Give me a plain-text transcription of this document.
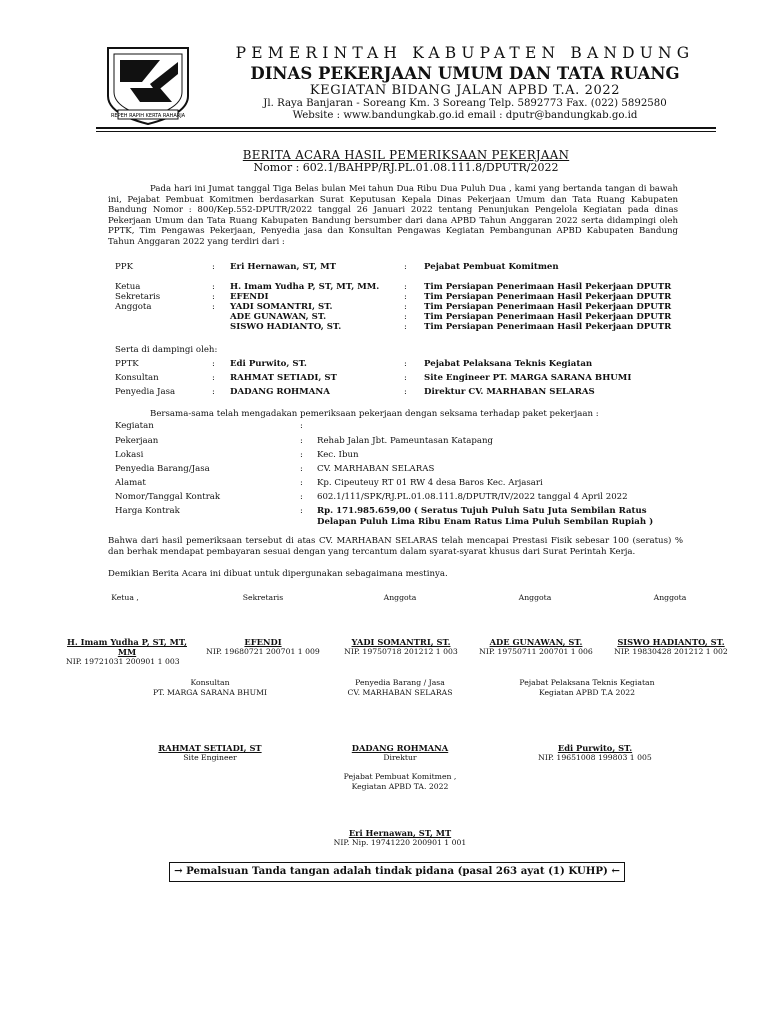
REPEH RAPIH KERTA RAHARJA
PEMERINTAH KABUPATEN BANDUNG
DINAS PEKERJAAN UMUM DAN TATA RUANG
KEGIATAN BIDANG JALAN APBD T.A. 2022
Jl. Raya Banjaran - Soreang Km. 3 Soreang Telp. 5892773 Fax. (022) 5892580
Website : www.bandungkab.go.id email : dputr@bandungkab.go.id
BERITA ACARA HASIL PEMERIKSAAN PEKERJAAN
Nomor : 602.1/BAHPP/RJ.PL.01.08.111.8/DPUTR/2022
Pada hari ini Jumat tanggal Tiga Belas bulan Mei tahun Dua Ribu Dua Puluh Dua , kami yang bertanda tangan di bawah ini, Pejabat Pembuat Komitmen berdasarkan Surat Keputusan Kepala Dinas Pekerjaan Umum dan Tata Ruang Kabupaten Bandung Nomor : 800/Kep.552-DPUTR/2022 tanggal 26 Januari 2022 tentang Penunjukan Pengelola Kegiatan pada dinas Pekerjaan Umum dan Tata Ruang Kabupaten Bandung bersumber dari dana APBD Tahun Anggaran 2022 serta didampingi oleh PPTK, Tim Pengawas Pekerjaan, Penyedia jasa dan Konsultan Pengawas Kegiatan Pembangunan APBD Kabupaten Bandung Tahun Anggaran 2022 yang terdiri dari :
PPK	: Eri Hernawan, ST, MT	: Pejabat Pembuat Komitmen
Ketua	: H. Imam Yudha P, ST, MT, MM.	: Tim Persiapan Penerimaan Hasil Pekerjaan DPUTR
Sekretaris	: EFENDI	: Tim Persiapan Penerimaan Hasil Pekerjaan DPUTR
Anggota	: YADI SOMANTRI, ST.	: Tim Persiapan Penerimaan Hasil Pekerjaan DPUTR
ADE GUNAWAN, ST.	: Tim Persiapan Penerimaan Hasil Pekerjaan DPUTR
SISWO HADIANTO, ST.	: Tim Persiapan Penerimaan Hasil Pekerjaan DPUTR
Serta di dampingi oleh:
PPTK	: Edi Purwito, ST.	: Pejabat Pelaksana Teknis Kegiatan
Konsultan	: RAHMAT SETIADI, ST	: Site Engineer PT. MARGA SARANA BHUMI
Penyedia Jasa	: DADANG ROHMANA	: Direktur CV. MARHABAN SELARAS
Bersama-sama telah mengadakan pemeriksaan pekerjaan dengan seksama terhadap paket pekerjaan :
Kegiatan	:
Pekerjaan	: Rehab Jalan Jbt. Pameuntasan Katapang
Lokasi	: Kec. Ibun
Penyedia Barang/Jasa	: CV. MARHABAN SELARAS
Alamat	: Kp. Cipeuteuy RT 01 RW 4 desa Baros Kec. Arjasari
Nomor/Tanggal Kontrak	: 602.1/111/SPK/RJ.PL.01.08.111.8/DPUTR/IV/2022 tanggal 4 April 2022
Harga Kontrak	: Rp. 171.985.659,00 ( Seratus Tujuh Puluh Satu Juta Sembilan Ratus
Delapan Puluh Lima Ribu Enam Ratus Lima Puluh Sembilan Rupiah )
Bahwa dari hasil pemeriksaan tersebut di atas CV. MARHABAN SELARAS telah mencapai Prestasi Fisik sebesar 100 (seratus) % dan berhak mendapat pembayaran sesuai dengan yang tercantum dalam syarat-syarat khusus dari Surat Perintah Kerja.
Demikian Berita Acara ini dibuat untuk dipergunakan sebagaimana mestinya.
Ketua ,	Sekretaris	Anggota	Anggota	Anggota
H. Imam Yudha P, ST, MT, MM
NIP. 19721031 200901 1 003
EFENDI
NIP. 19680721 200701 1 009
YADI SOMANTRI, ST.
NIP. 19750718 201212 1 003
ADE GUNAWAN, ST.
NIP. 19750711 200701 1 006
SISWO HADIANTO, ST.
NIP. 19830428 201212 1 002
Konsultan
PT. MARGA SARANA BHUMI
RAHMAT SETIADI, ST
Site Engineer
Penyedia Barang / Jasa
CV. MARHABAN SELARAS
DADANG ROHMANA
Direktur
Pejabat Pelaksana Teknis Kegiatan
Kegiatan APBD T.A 2022
Edi Purwito, ST.
NIP. 19651008 199803 1 005
Pejabat Pembuat Komitmen ,
Kegiatan APBD TA. 2022
Eri Hernawan, ST, MT
NIP. Nip. 19741220 200901 1 001
→ Pemalsuan Tanda tangan adalah tindak pidana (pasal 263 ayat (1) KUHP) ←
